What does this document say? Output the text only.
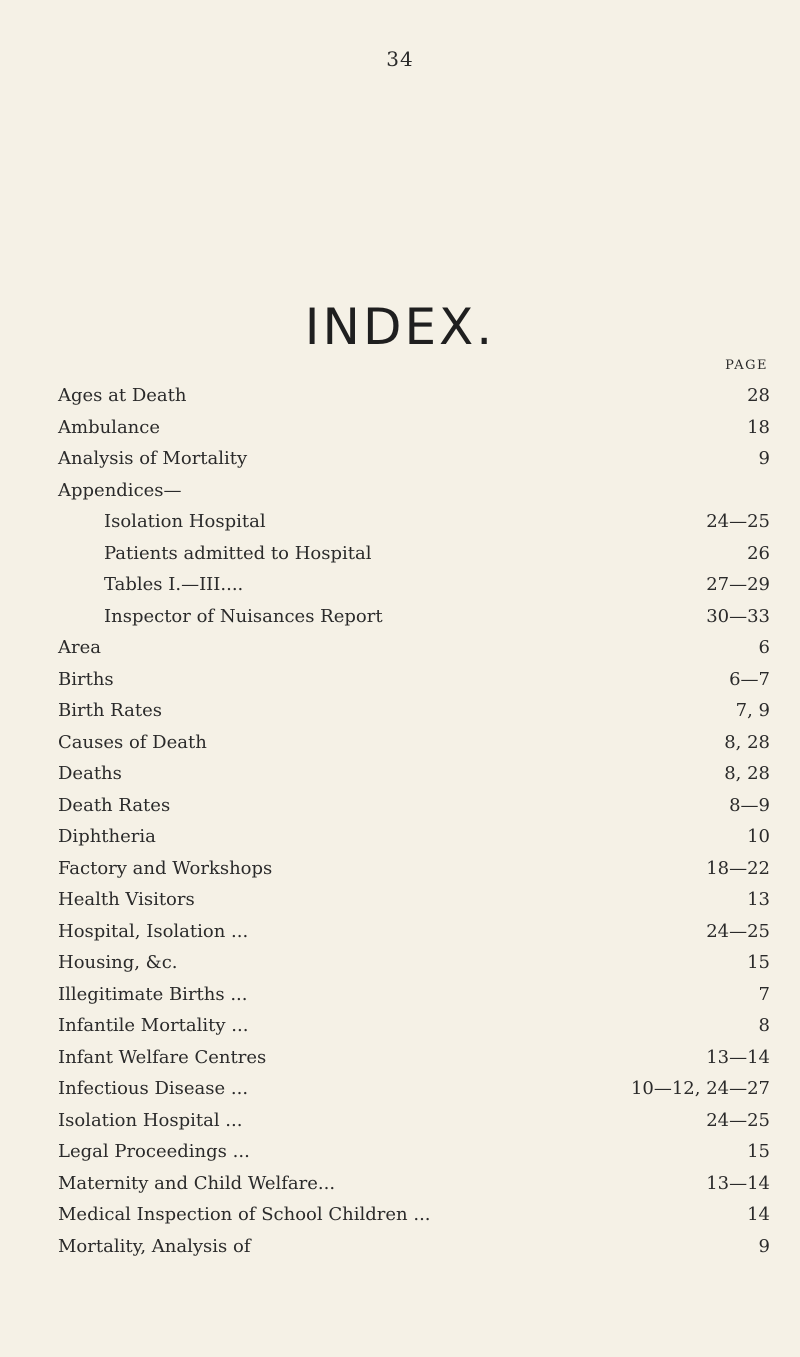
34
INDEX.
PAGE
Ages at Death	28
Ambulance	18
Analysis of Mortality	9
Appendices—
Isolation Hospital	24—25
Patients admitted to Hospital	26
Tables I.—III....	27—29
Inspector of Nuisances Report	30—33
Area	6
Births	6—7
Birth Rates	7, 9
Causes of Death	8, 28
Deaths	8, 28
Death Rates	8—9
Diphtheria	10
Factory and Workshops	18—22
Health Visitors	13
Hospital, Isolation ...	24—25
Housing, &c.	15
Illegitimate Births ...	7
Infantile Mortality ...	8
Infant Welfare Centres	13—14
Infectious Disease ...	10—12, 24—27
Isolation Hospital ...	24—25
Legal Proceedings ...	15
Maternity and Child Welfare...	13—14
Medical Inspection of School Children ...	14
Mortality, Analysis of	9
